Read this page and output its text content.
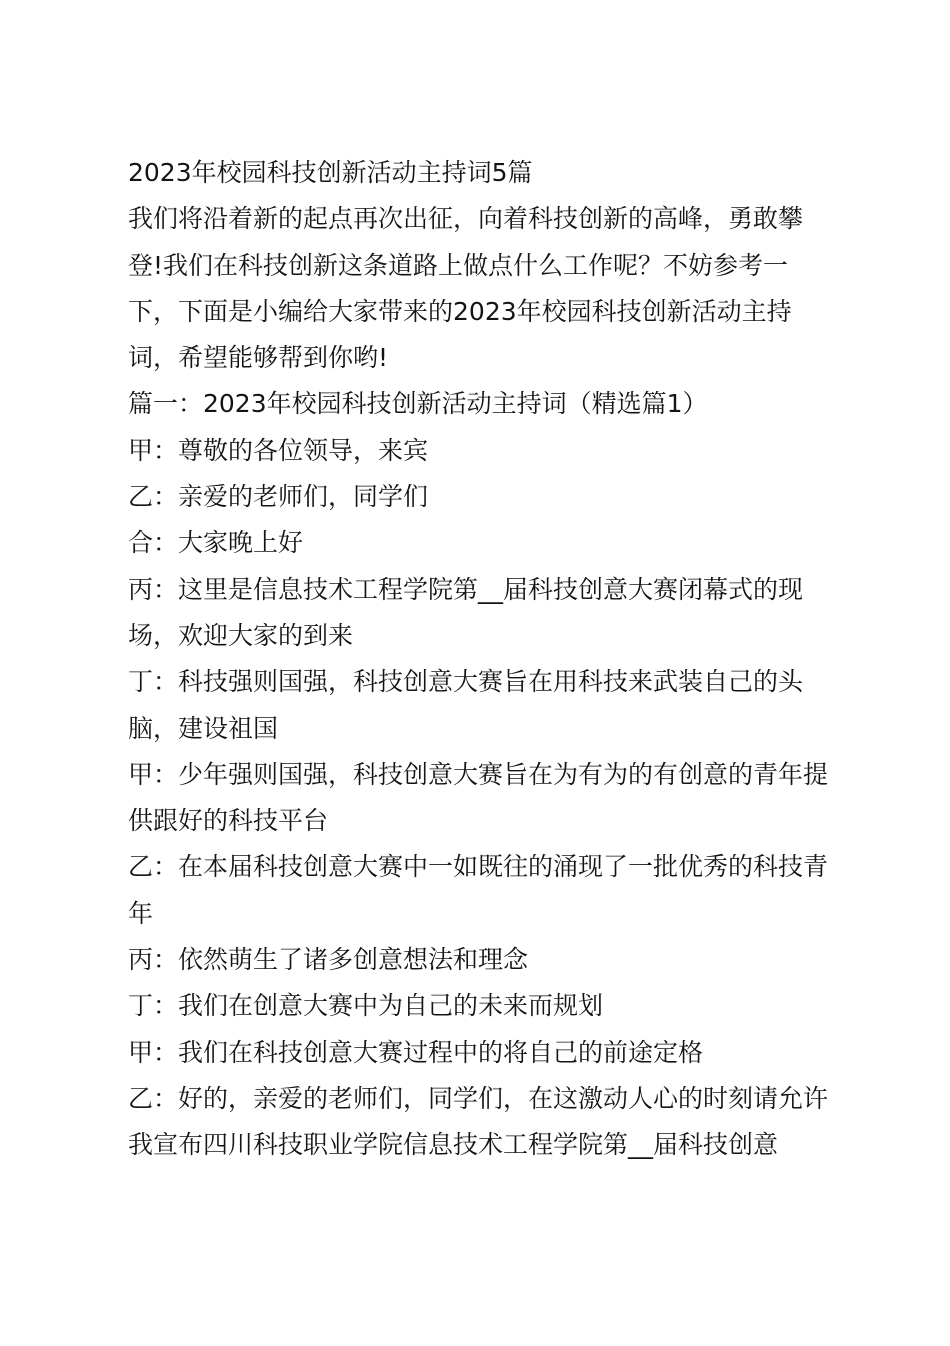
2023年校园科技创新活动主持词5篇

我们将沿着新的起点再次出征，向着科技创新的高峰，勇敢攀登!我们在科技创新这条道路上做点什么工作呢？不妨参考一下，下面是小编给大家带来的2023年校园科技创新活动主持词，希望能够帮到你哟!

篇一：2023年校园科技创新活动主持词（精选篇1）

甲：尊敬的各位领导，来宾

乙：亲爱的老师们，同学们

合：大家晚上好

丙：这里是信息技术工程学院第__届科技创意大赛闭幕式的现场，欢迎大家的到来

丁：科技强则国强，科技创意大赛旨在用科技来武装自己的头脑，建设祖国

甲：少年强则国强，科技创意大赛旨在为有为的有创意的青年提供跟好的科技平台

乙：在本届科技创意大赛中一如既往的涌现了一批优秀的科技青年

丙：依然萌生了诸多创意想法和理念

丁：我们在创意大赛中为自己的未来而规划

甲：我们在科技创意大赛过程中的将自己的前途定格

乙：好的，亲爱的老师们，同学们，在这激动人心的时刻请允许我宣布四川科技职业学院信息技术工程学院第__届科技创意
